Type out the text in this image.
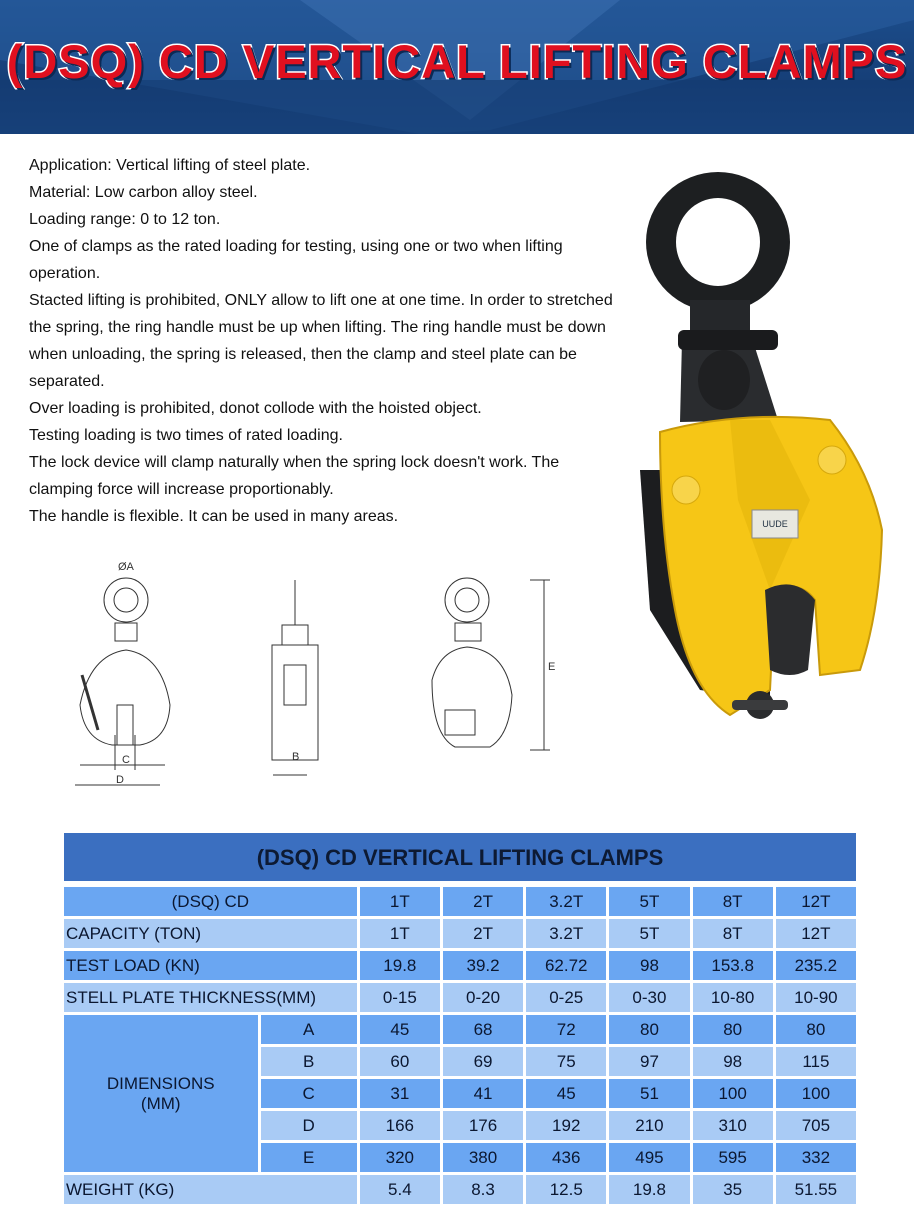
(DSQ) CD VERTICAL LIFTING CLAMPS

Application: Vertical lifting of steel plate.

Material: Low carbon alloy steel.

Loading range: 0 to 12 ton.

One of clamps as the rated loading for testing, using one or two when lifting operation.

Stacted lifting is prohibited, ONLY allow to lift one at one time. In order to stretched the spring, the ring handle must be up when lifting. The ring handle must be down when unloading, the spring is released, then the clamp and steel plate can be separated.

Over loading is prohibited, donot collode with the hoisted object.

Testing loading is two times of rated loading.

The lock device will clamp naturally when the spring lock doesn't work. The clamping force will increase proportionably.

The handle is flexible. It can be used in many areas.	UUDE
ØA
B
C
D
E
(DSQ) CD VERTICAL LIFTING CLAMPS
(DSQ) CD		1T	2T	3.2T	5T	8T	12T
CAPACITY (TON)		1T	2T	3.2T	5T	8T	12T
TEST LOAD (KN)		19.8	39.2	62.72	98	153.8	235.2
STELL PLATE THICKNESS(MM)		0-15	0-20	0-25	0-30	10-80	10-90
DIMENSIONS
(MM)	A	45	68	72	80	80	80
	B	60	69	75	97	98	115
	C	31	41	45	51	100	100
	D	166	176	192	210	310	705
	E	320	380	436	495	595	332
WEIGHT (KG)		5.4	8.3	12.5	19.8	35	51.55
